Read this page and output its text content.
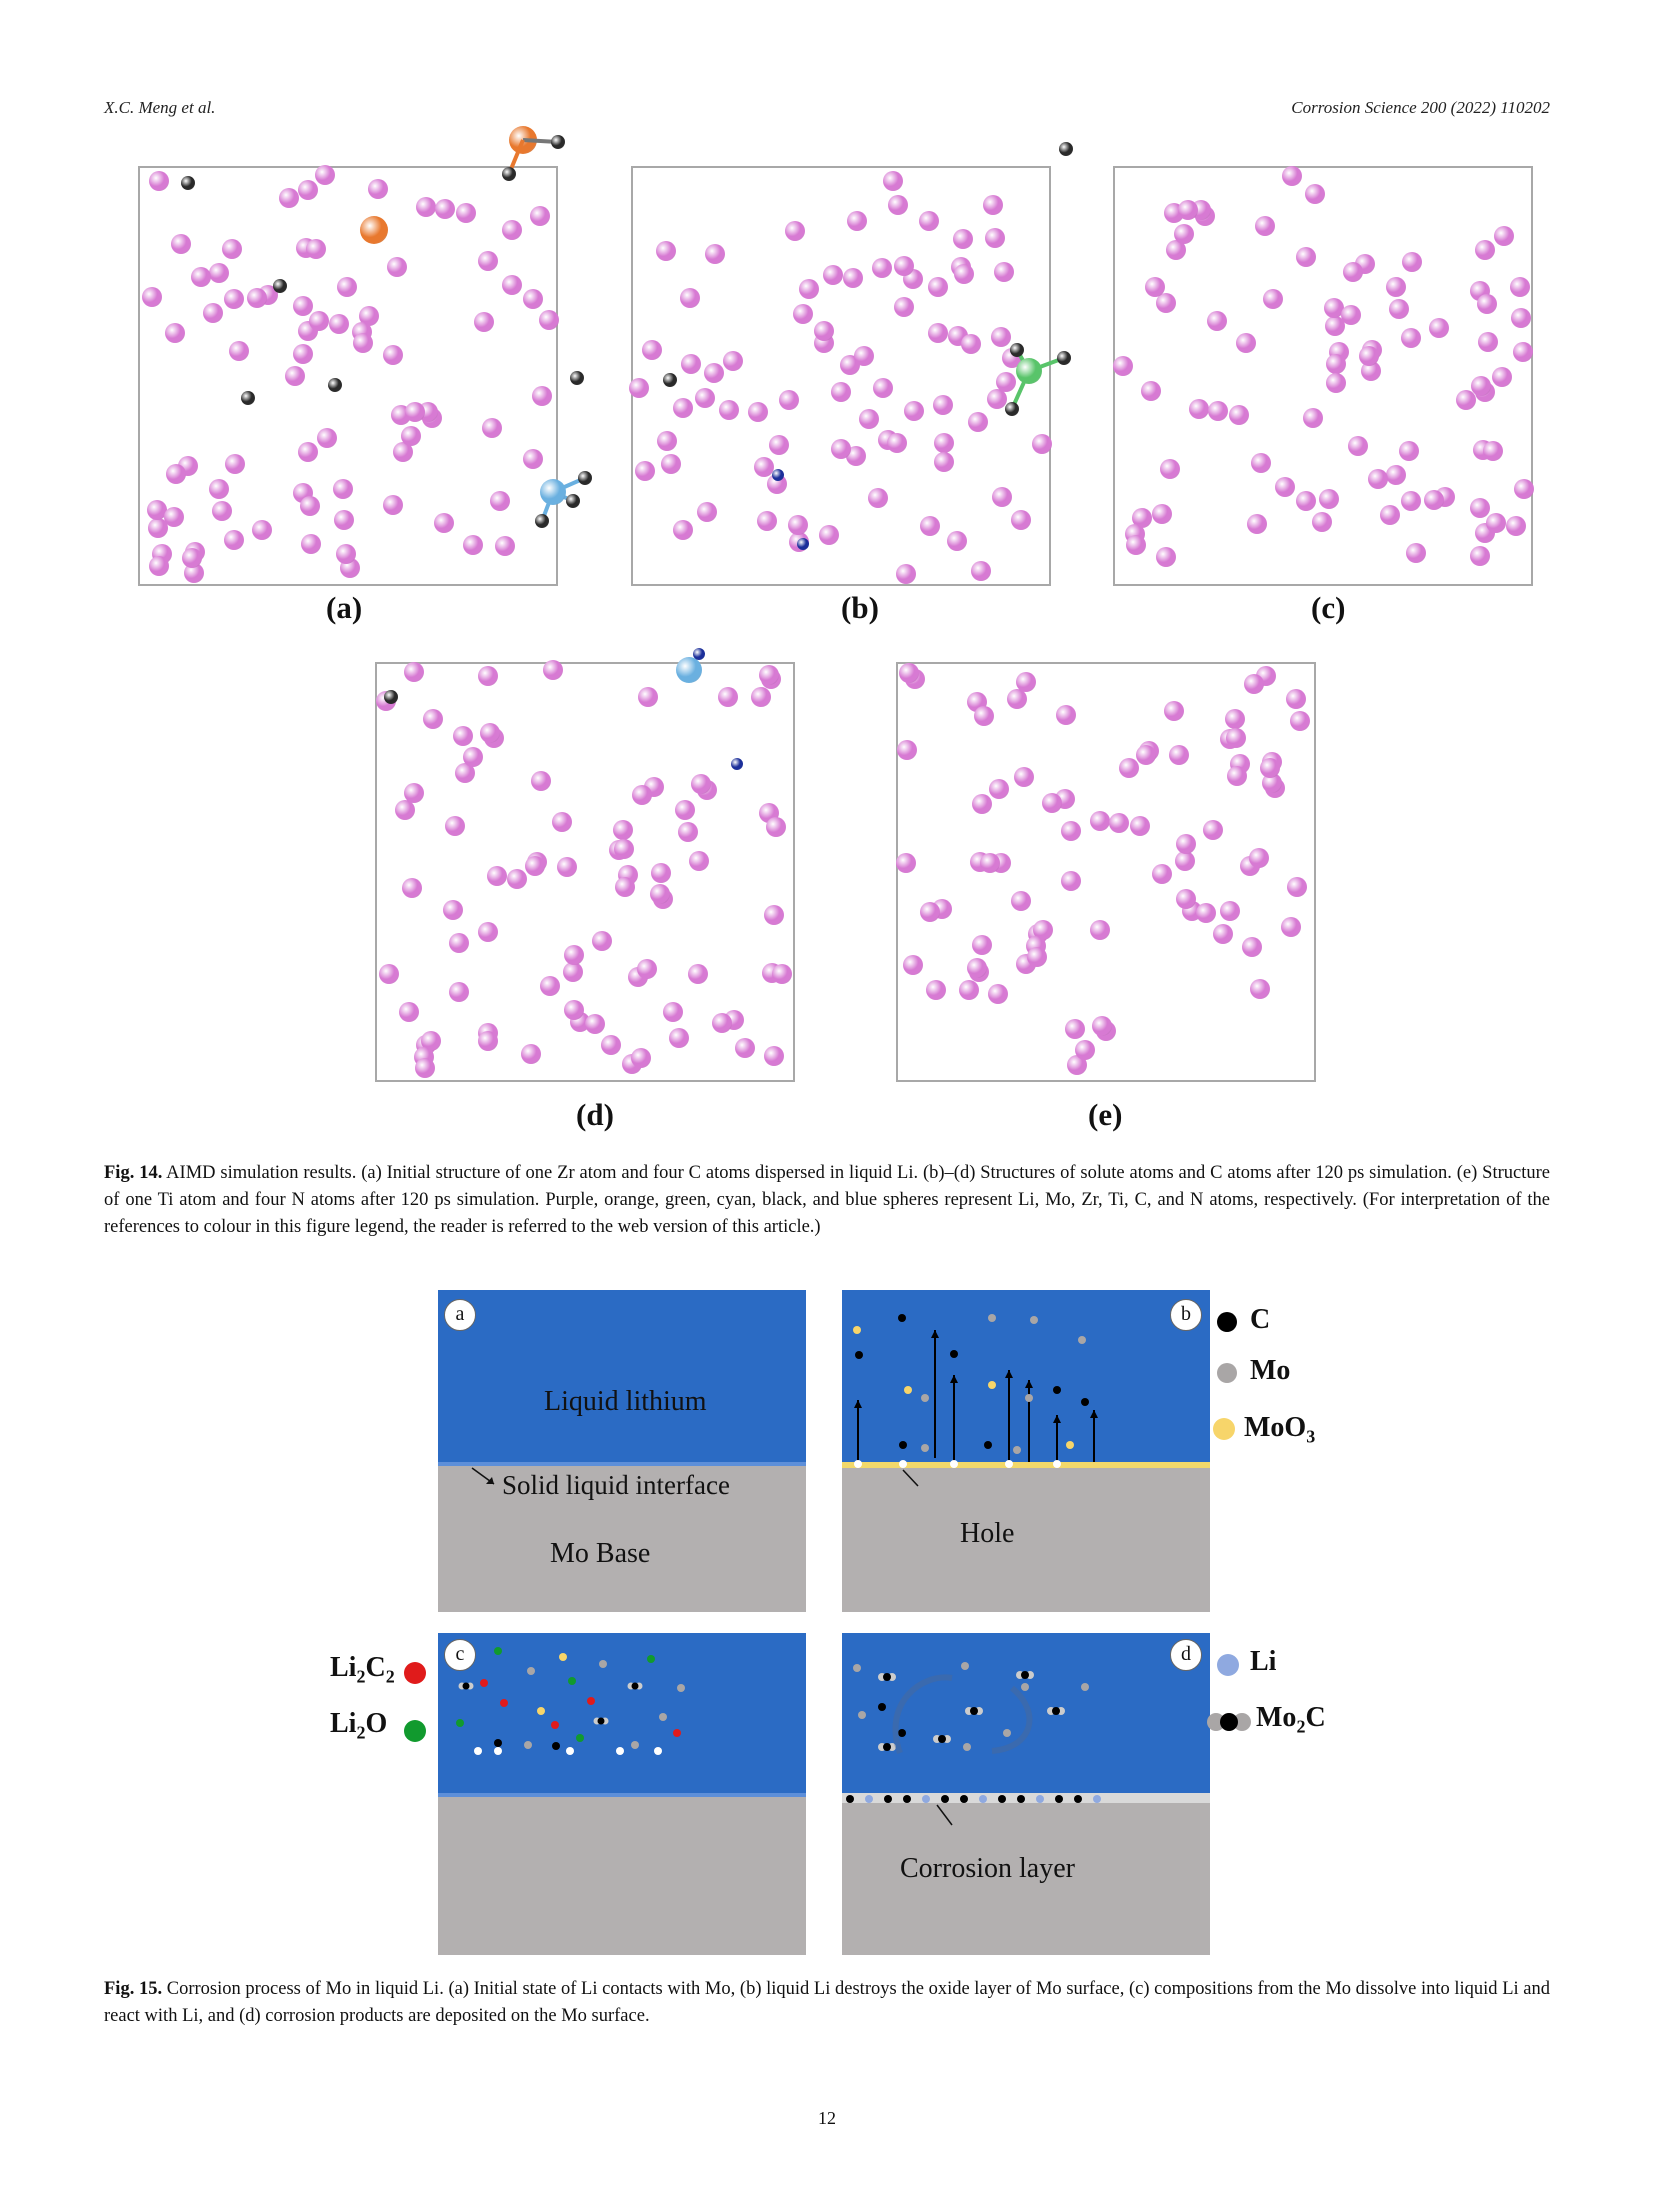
X.C. Meng et al.	Corrosion Science 200 (2022) 110202
(a)	(b)	(c)
(d)	(e)
Fig. 14. AIMD simulation results. (a) Initial structure of one Zr atom and four C atoms dispersed in liquid Li. (b)–(d) Structures of solute atoms and C atoms after 120 ps simulation. (e) Structure of one Ti atom and four N atoms after 120 ps simulation. Purple, orange, green, cyan, black, and blue spheres represent Li, Mo, Zr, Ti, C, and N atoms, respectively. (For interpretation of the references to colour in this figure legend, the reader is referred to the web version of this article.)
a
Liquid lithium
Solid liquid interface
Mo Base
b
Hole
c	d
Corrosion layer
C
Mo
MoO$_3$
$Li_2C_2$
$Li_2O$
Li
$Mo_2C$
Fig. 15. Corrosion process of Mo in liquid Li. (a) Initial state of Li contacts with Mo, (b) liquid Li destroys the oxide layer of Mo surface, (c) compositions from the Mo dissolve into liquid Li and react with Li, and (d) corrosion products are deposited on the Mo surface.
12
